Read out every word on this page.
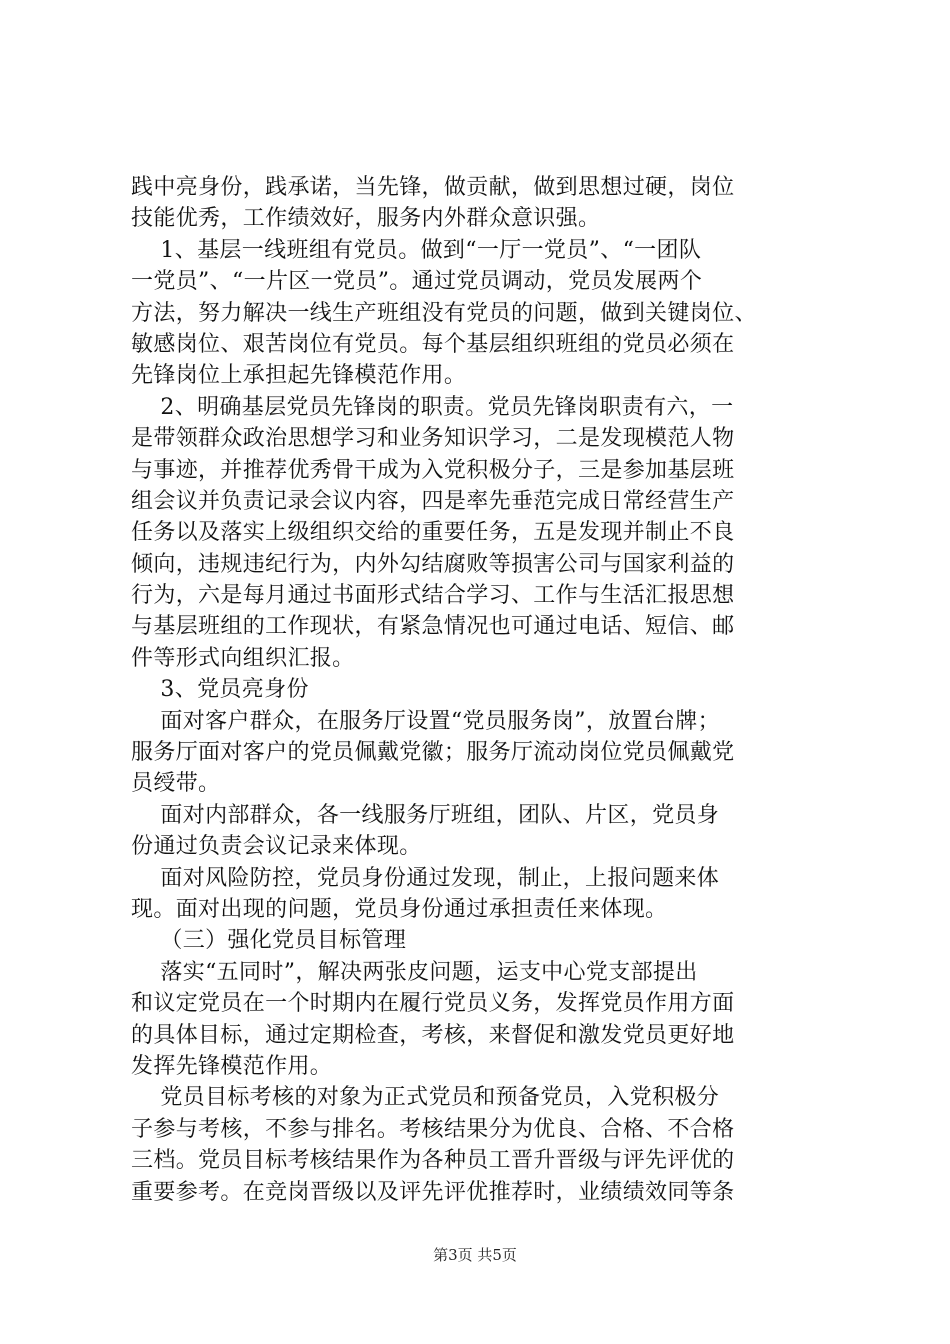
践中亮身份，践承诺，当先锋，做贡献，做到思想过硬，岗位
技能优秀，工作绩效好，服务内外群众意识强。
1、基层一线班组有党员。做到“一厅一党员”、“一团队
一党员”、“一片区一党员”。通过党员调动，党员发展两个
方法，努力解决一线生产班组没有党员的问题，做到关键岗位、
敏感岗位、艰苦岗位有党员。每个基层组织班组的党员必须在
先锋岗位上承担起先锋模范作用。
2、明确基层党员先锋岗的职责。党员先锋岗职责有六，一
是带领群众政治思想学习和业务知识学习，二是发现模范人物
与事迹，并推荐优秀骨干成为入党积极分子，三是参加基层班
组会议并负责记录会议内容，四是率先垂范完成日常经营生产
任务以及落实上级组织交给的重要任务，五是发现并制止不良
倾向，违规违纪行为，内外勾结腐败等损害公司与国家利益的
行为，六是每月通过书面形式结合学习、工作与生活汇报思想
与基层班组的工作现状，有紧急情况也可通过电话、短信、邮
件等形式向组织汇报。
3、党员亮身份
面对客户群众，在服务厅设置“党员服务岗”，放置台牌；
服务厅面对客户的党员佩戴党徽；服务厅流动岗位党员佩戴党
员绶带。
面对内部群众，各一线服务厅班组，团队、片区，党员身
份通过负责会议记录来体现。
面对风险防控，党员身份通过发现，制止，上报问题来体
现。面对出现的问题，党员身份通过承担责任来体现。
（三）强化党员目标管理
落实“五同时”，解决两张皮问题，运支中心党支部提出
和议定党员在一个时期内在履行党员义务，发挥党员作用方面
的具体目标，通过定期检查，考核，来督促和激发党员更好地
发挥先锋模范作用。
党员目标考核的对象为正式党员和预备党员，入党积极分
子参与考核，不参与排名。考核结果分为优良、合格、不合格
三档。党员目标考核结果作为各种员工晋升晋级与评先评优的
重要参考。在竞岗晋级以及评先评优推荐时，业绩绩效同等条
第3页 共5页
